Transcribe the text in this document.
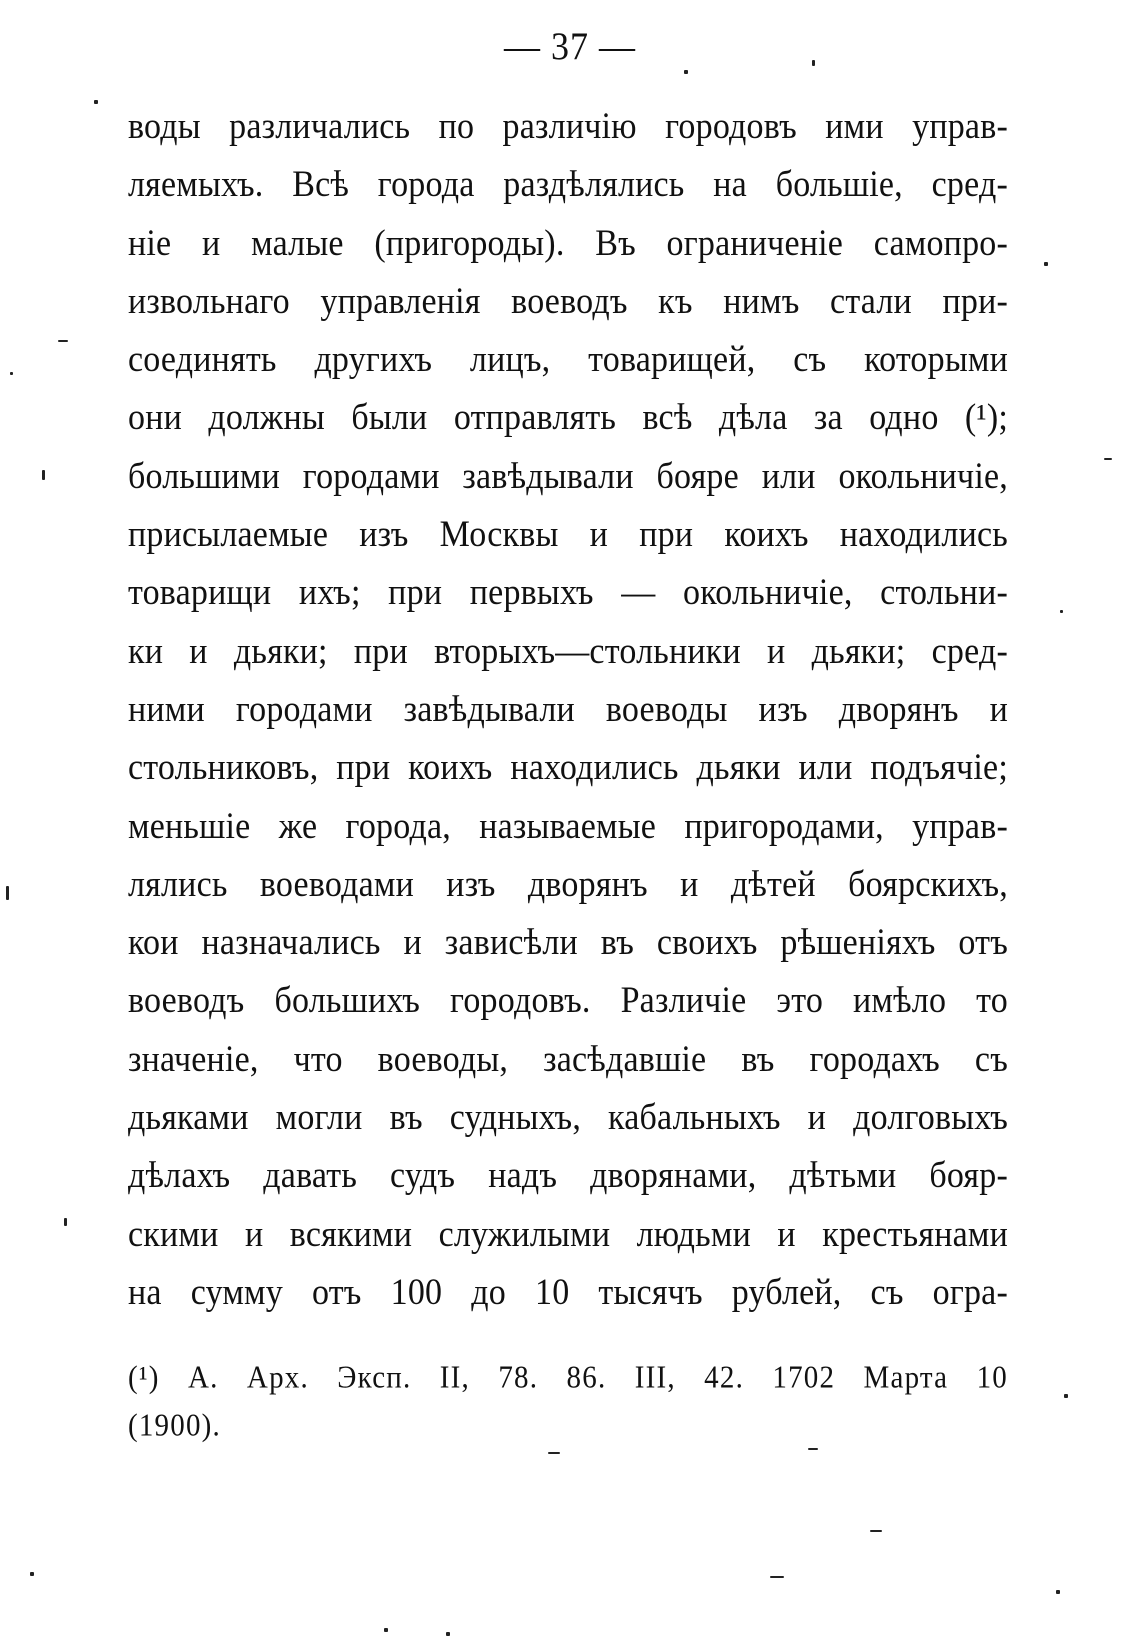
— 37 —
воды различались по различію городовъ ими управ-
ляемыхъ. Всѣ города раздѣлялись на большіе, сред-
ніе и малые (пригороды). Въ ограниченіе самопро-
извольнаго управленія воеводъ къ нимъ стали при-
соединять другихъ лицъ, товарищей, съ которыми
они должны были отправлять всѣ дѣла за одно (¹);
большими городами завѣдывали бояре или окольничіе,
присылаемые изъ Москвы и при коихъ находились
товарищи ихъ; при первыхъ — окольничіе, стольни-
ки и дьяки; при вторыхъ—стольники и дьяки; сред-
ними городами завѣдывали воеводы изъ дворянъ и
стольниковъ, при коихъ находились дьяки или подъячіе;
меньшіе же города, называемые пригородами, управ-
лялись воеводами изъ дворянъ и дѣтей боярскихъ,
кои назначались и зависѣли въ своихъ рѣшеніяхъ отъ
воеводъ большихъ городовъ. Различіе это имѣло то
значеніе, что воеводы, засѣдавшіе въ городахъ съ
дьяками могли въ судныхъ, кабальныхъ и долговыхъ
дѣлахъ давать судъ надъ дворянами, дѣтьми бояр-
скими и всякими служилыми людьми и крестьянами
на сумму отъ 100 до 10 тысячъ рублей, съ огра-
(¹) А. Арх. Эксп. II, 78. 86. III, 42. 1702 Марта 10
(1900).
